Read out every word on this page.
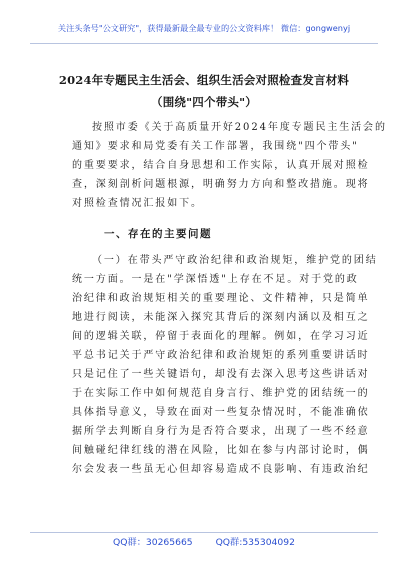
关注头条号"公文研究"，获得最新最全最专业的公文资料库！ 微信：gongwenyj
2024年专题民主生活会、组织生活会对照检查发言材料
（围绕"四个带头"）
按照市委《关于高质量开好2024年度专题民主生活会的
通知》要求和局党委有关工作部署，我围绕"四个带头"
的重要要求，结合自身思想和工作实际，认真开展对照检
查，深刻剖析问题根源，明确努力方向和整改措施。现将
对照检查情况汇报如下。
一、存在的主要问题
（一）在带头严守政治纪律和政治规矩，维护党的团结
统一方面。一是在"学深悟透"上存在不足。对于党的政
治纪律和政治规矩相关的重要理论、文件精神，只是简单
地进行阅读，未能深入探究其背后的深刻内涵以及相互之
间的逻辑关联，停留于表面化的理解。例如，在学习习近
平总书记关于严守政治纪律和政治规矩的系列重要讲话时
只是记住了一些关键语句，却没有去深入思考这些讲话对
于在实际工作中如何规范自身言行、维护党的团结统一的
具体指导意义，导致在面对一些复杂情况时，不能准确依
据所学去判断自身行为是否符合要求，出现了一些不经意
间触碰纪律红线的潜在风险，比如在参与内部讨论时，偶
尔会发表一些虽无心但却容易造成不良影响、有违政治纪
QQ群：30265665 QQ群:535304092
